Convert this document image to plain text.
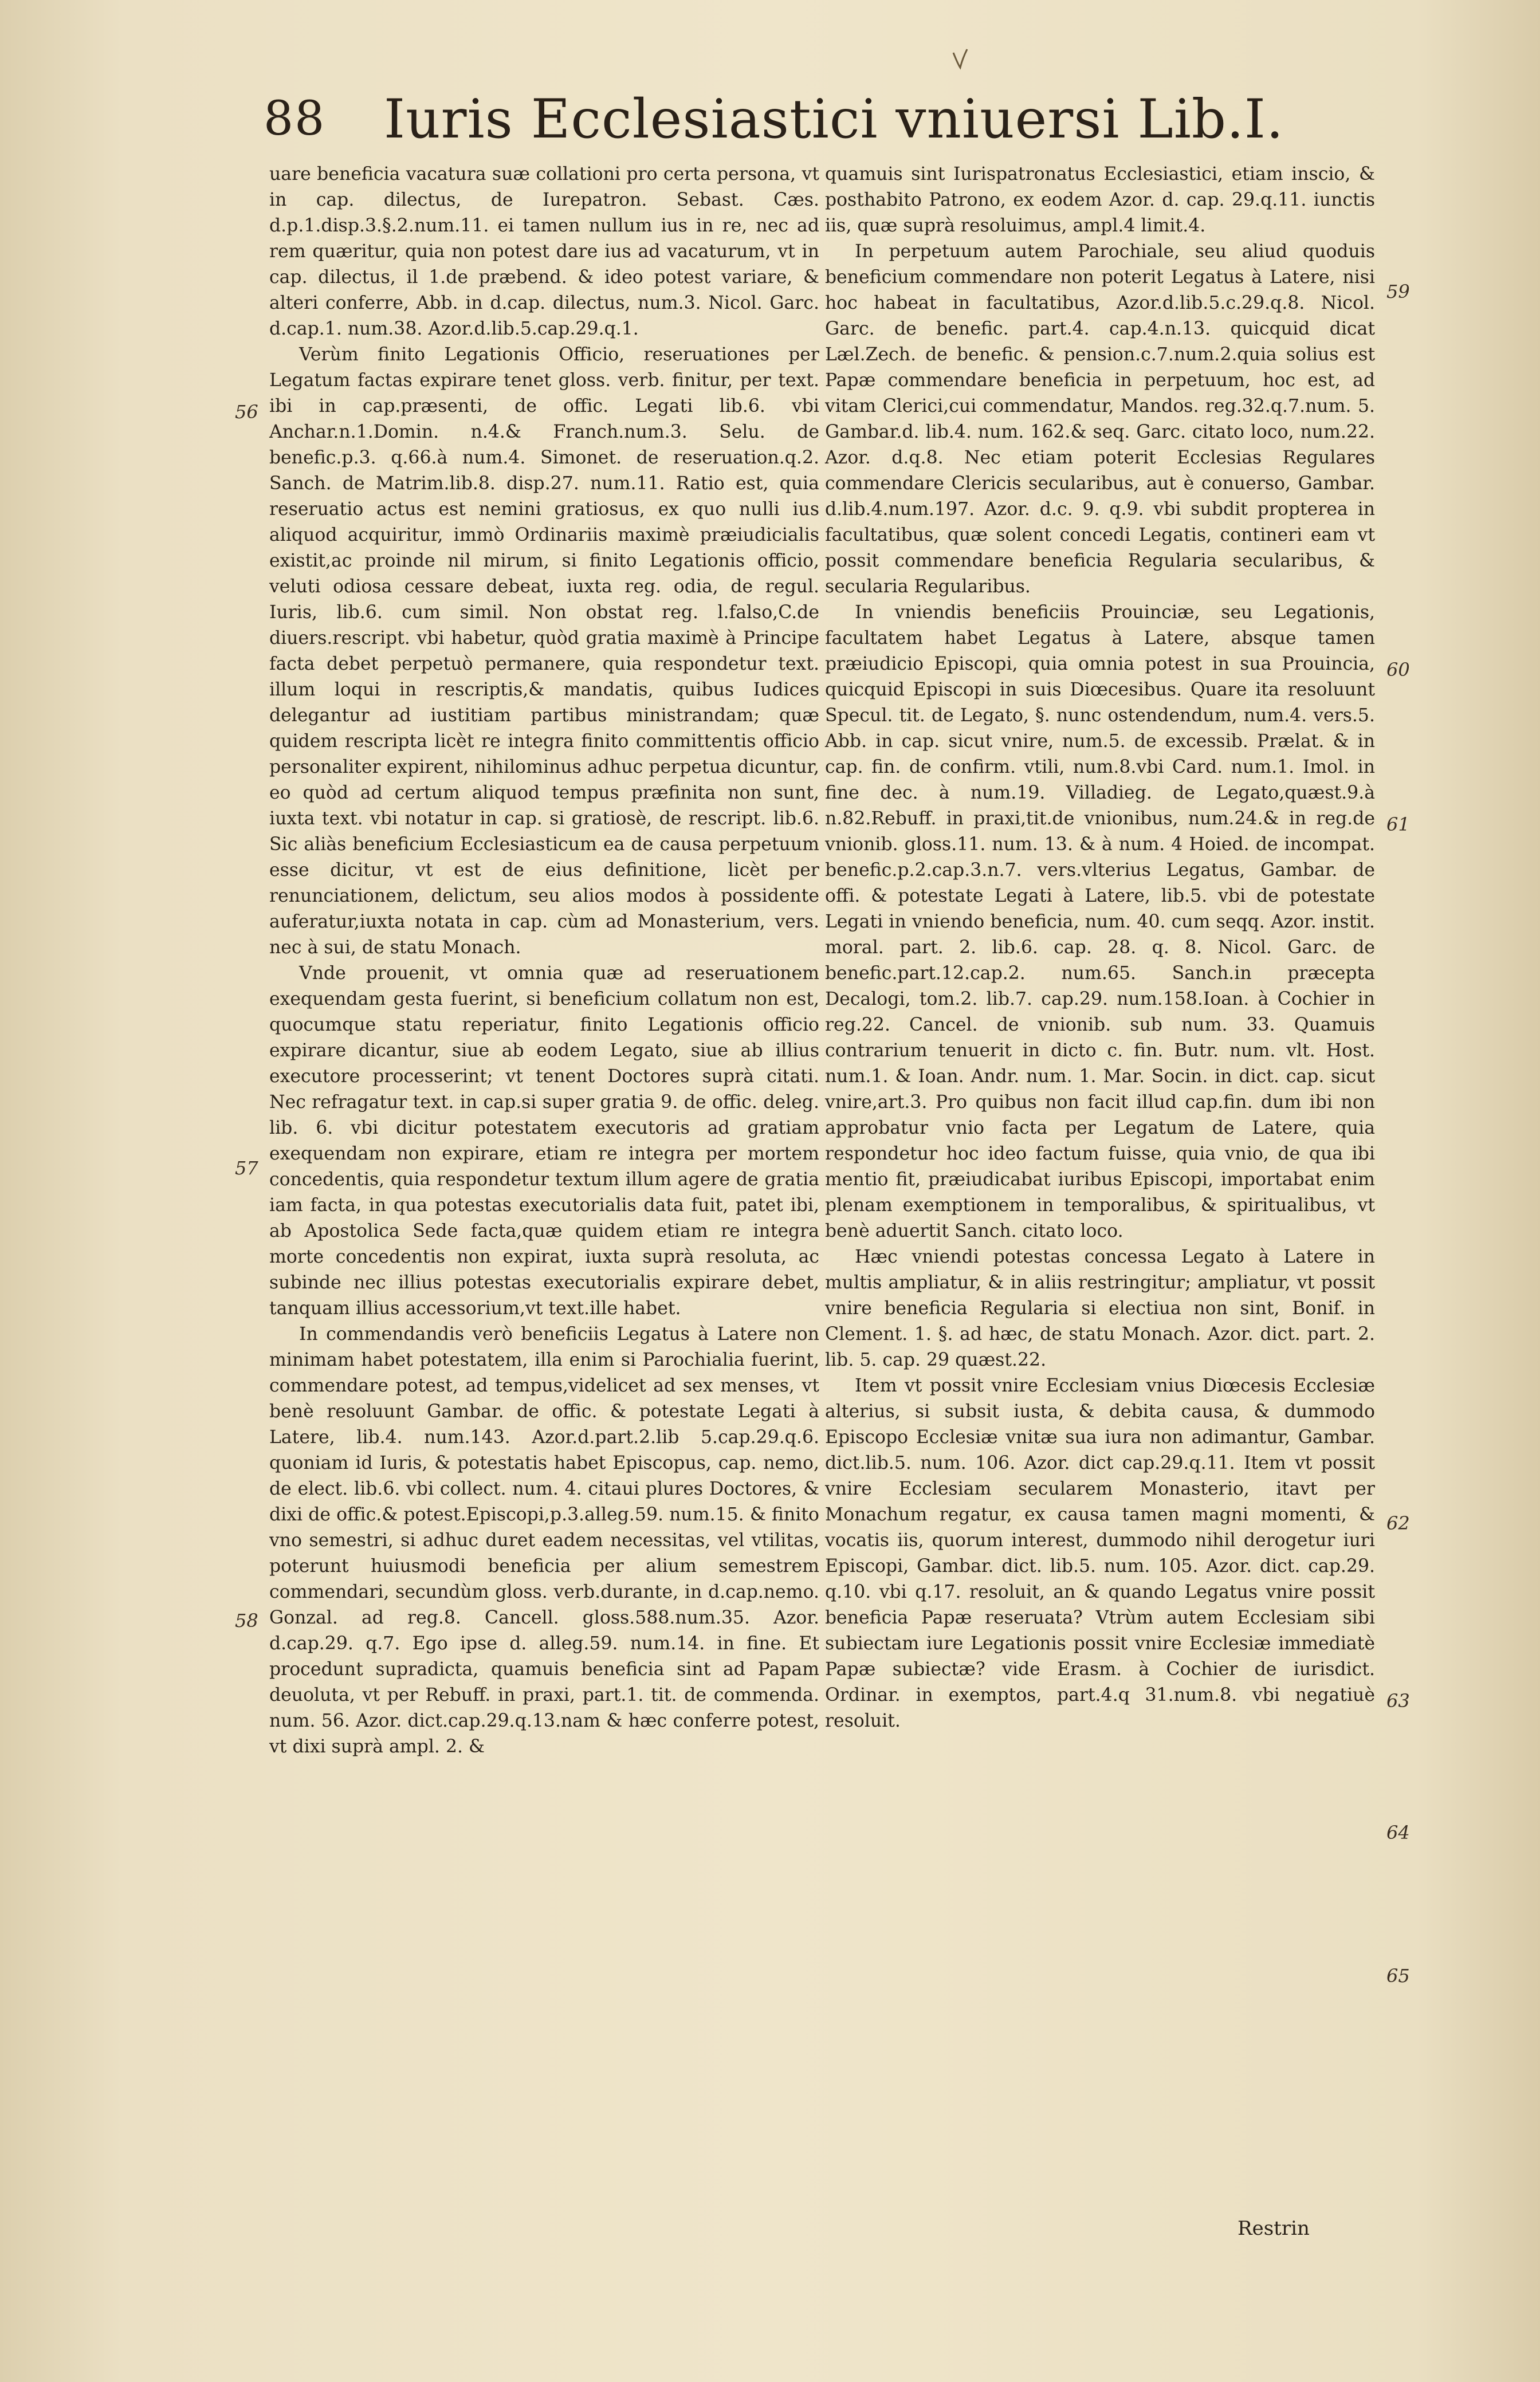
88 Iuris Ecclesiastici vniuersi Lib.I.

uare beneficia vacatura suæ collationi pro certa persona, vt in cap. dilectus, de Iurepatron. Sebast. Cæs. d.p.1.disp.3.§.2.num.11. ei tamen nullum ius in re, nec ad rem quæritur, quia non potest dare ius ad vacaturum, vt in cap. dilectus, il 1.de præbend. & ideo potest variare, & alteri conferre, Abb. in d.cap. dilectus, num.3. Nicol. Garc. d.cap.1. num.38. Azor.d.lib.5.cap.29.q.1.

Verùm finito Legationis Officio, reseruationes per Legatum factas expirare tenet gloss. verb. finitur, per text. ibi in cap.præsenti, de offic. Legati lib.6. vbi Anchar.n.1.Domin. n.4.& Franch.num.3. Selu. de benefic.p.3. q.66.à num.4. Simonet. de reseruation.q.2. Sanch. de Matrim.lib.8. disp.27. num.11. Ratio est, quia reseruatio actus est nemini gratiosus, ex quo nulli ius aliquod acquiritur, immò Ordinariis maximè præiudicialis existit,ac proinde nil mirum, si finito Legationis officio, veluti odiosa cessare debeat, iuxta reg. odia, de regul. Iuris, lib.6. cum simil. Non obstat reg. l.falso,C.de diuers.rescript. vbi habetur, quòd gratia maximè à Principe facta debet perpetuò permanere, quia respondetur text. illum loqui in rescriptis,& mandatis, quibus Iudices delegantur ad iustitiam partibus ministrandam; quæ quidem rescripta licèt re integra finito committentis officio personaliter expirent, nihilominus adhuc perpetua dicuntur, eo quòd ad certum aliquod tempus præfinita non sunt, iuxta text. vbi notatur in cap. si gratiosè, de rescript. lib.6. Sic aliàs beneficium Ecclesiasticum ea de causa perpetuum esse dicitur, vt est de eius definitione, licèt per renunciationem, delictum, seu alios modos à possidente auferatur,iuxta notata in cap. cùm ad Monasterium, vers. nec à sui, de statu Monach.

Vnde prouenit, vt omnia quæ ad reseruationem exequendam gesta fuerint, si beneficium collatum non est, quocumque statu reperiatur, finito Legationis officio expirare dicantur, siue ab eodem Legato, siue ab illius executore processerint; vt tenent Doctores suprà citati. Nec refragatur text. in cap.si super gratia 9. de offic. deleg. lib. 6. vbi dicitur potestatem executoris ad gratiam exequendam non expirare, etiam re integra per mortem concedentis, quia respondetur textum illum agere de gratia iam facta, in qua potestas executorialis data fuit, patet ibi, ab Apostolica Sede facta,quæ quidem etiam re integra morte concedentis non expirat, iuxta suprà resoluta, ac subinde nec illius potestas executorialis expirare debet, tanquam illius accessorium,vt text.ille habet.

In commendandis verò beneficiis Legatus à Latere non minimam habet potestatem, illa enim si Parochialia fuerint, commendare potest, ad tempus,videlicet ad sex menses, vt benè resoluunt Gambar. de offic. & potestate Legati à Latere, lib.4. num.143. Azor.d.part.2.lib 5.cap.29.q.6. quoniam id Iuris, & potestatis habet Episcopus, cap. nemo, de elect. lib.6. vbi collect. num. 4. citaui plures Doctores, & dixi de offic.& potest.Episcopi,p.3.alleg.59. num.15. & finito vno semestri, si adhuc duret eadem necessitas, vel vtilitas, poterunt huiusmodi beneficia per alium semestrem commendari, secundùm gloss. verb.durante, in d.cap.nemo. Gonzal. ad reg.8. Cancell. gloss.588.num.35. Azor. d.cap.29. q.7. Ego ipse d. alleg.59. num.14. in fine. Et procedunt supradicta, quamuis beneficia sint ad Papam deuoluta, vt per Rebuff. in praxi, part.1. tit. de commenda. num. 56. Azor. dict.cap.29.q.13.nam & hæc conferre potest, vt dixi suprà ampl. 2. &

56
57
58

quamuis sint Iurispatronatus Ecclesiastici, etiam inscio, & posthabito Patrono, ex eodem Azor. d. cap. 29.q.11. iunctis iis, quæ suprà resoluimus, ampl.4 limit.4.

In perpetuum autem Parochiale, seu aliud quoduis beneficium commendare non poterit Legatus à Latere, nisi hoc habeat in facultatibus, Azor.d.lib.5.c.29.q.8. Nicol. Garc. de benefic. part.4. cap.4.n.13. quicquid dicat Læl.Zech. de benefic. & pension.c.7.num.2.quia solius est Papæ commendare beneficia in perpetuum, hoc est, ad vitam Clerici,cui commendatur, Mandos. reg.32.q.7.num. 5. Gambar.d. lib.4. num. 162.& seq. Garc. citato loco, num.22. Azor. d.q.8. Nec etiam poterit Ecclesias Regulares commendare Clericis secularibus, aut è conuerso, Gambar. d.lib.4.num.197. Azor. d.c. 9. q.9. vbi subdit propterea in facultatibus, quæ solent concedi Legatis, contineri eam vt possit commendare beneficia Regularia secularibus, & secularia Regularibus.

In vniendis beneficiis Prouinciæ, seu Legationis, facultatem habet Legatus à Latere, absque tamen præiudicio Episcopi, quia omnia potest in sua Prouincia, quicquid Episcopi in suis Diœcesibus. Quare ita resoluunt Specul. tit. de Legato, §. nunc ostendendum, num.4. vers.5. Abb. in cap. sicut vnire, num.5. de excessib. Prælat. & in cap. fin. de confirm. vtili, num.8.vbi Card. num.1. Imol. in fine dec. à num.19. Villadieg. de Legato,quæst.9.à n.82.Rebuff. in praxi,tit.de vnionibus, num.24.& in reg.de vnionib. gloss.11. num. 13. & à num. 4 Hoied. de incompat. benefic.p.2.cap.3.n.7. vers.vlterius Legatus, Gambar. de offi. & potestate Legati à Latere, lib.5. vbi de potestate Legati in vniendo beneficia, num. 40. cum seqq. Azor. instit. moral. part. 2. lib.6. cap. 28. q. 8. Nicol. Garc. de benefic.part.12.cap.2. num.65. Sanch.in præcepta Decalogi, tom.2. lib.7. cap.29. num.158.Ioan. à Cochier in reg.22. Cancel. de vnionib. sub num. 33. Quamuis contrarium tenuerit in dicto c. fin. Butr. num. vlt. Host. num.1. & Ioan. Andr. num. 1. Mar. Socin. in dict. cap. sicut vnire,art.3. Pro quibus non facit illud cap.fin. dum ibi non approbatur vnio facta per Legatum de Latere, quia respondetur hoc ideo factum fuisse, quia vnio, de qua ibi mentio fit, præiudicabat iuribus Episcopi, importabat enim plenam exemptionem in temporalibus, & spiritualibus, vt benè aduertit Sanch. citato loco.

Hæc vniendi potestas concessa Legato à Latere in multis ampliatur, & in aliis restringitur; ampliatur, vt possit vnire beneficia Regularia si electiua non sint, Bonif. in Clement. 1. §. ad hæc, de statu Monach. Azor. dict. part. 2. lib. 5. cap. 29 quæst.22.

Item vt possit vnire Ecclesiam vnius Diœcesis Ecclesiæ alterius, si subsit iusta, & debita causa, & dummodo Episcopo Ecclesiæ vnitæ sua iura non adimantur, Gambar. dict.lib.5. num. 106. Azor. dict cap.29.q.11. Item vt possit vnire Ecclesiam secularem Monasterio, itavt per Monachum regatur, ex causa tamen magni momenti, & vocatis iis, quorum interest, dummodo nihil derogetur iuri Episcopi, Gambar. dict. lib.5. num. 105. Azor. dict. cap.29. q.10. vbi q.17. resoluit, an & quando Legatus vnire possit beneficia Papæ reseruata? Vtrùm autem Ecclesiam sibi subiectam iure Legationis possit vnire Ecclesiæ immediatè Papæ subiectæ? vide Erasm. à Cochier de iurisdict. Ordinar. in exemptos, part.4.q 31.num.8. vbi negatiuè resoluit.

59
60
61
62
63
64
65
Restrin
